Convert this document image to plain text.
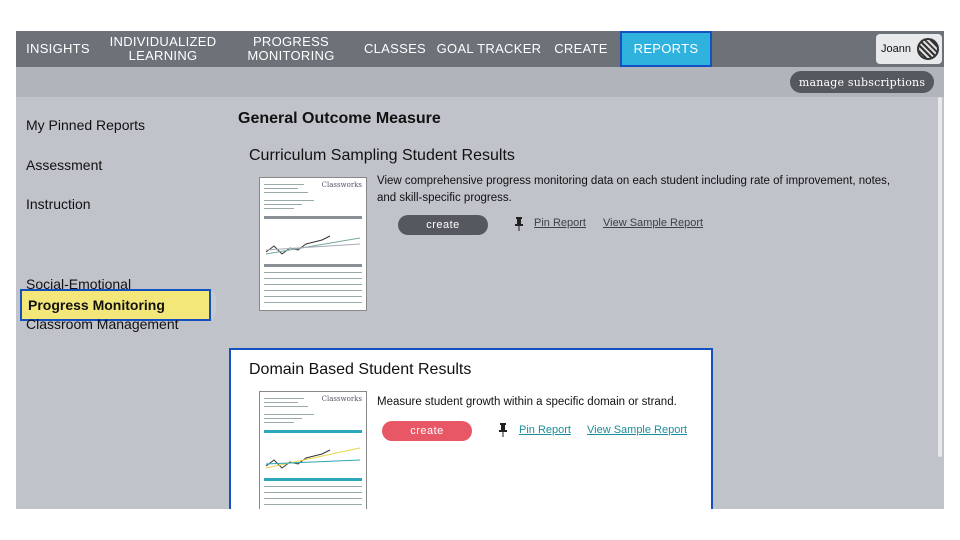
INSIGHTS	INDIVIDUALIZED
LEARNING
PROGRESS
MONITORING	CLASSES GOAL TRACKER CREATE	REPORTS	Joann
manage subscriptions
My Pinned Reports
Assessment
Instruction
Progress Monitoring
Social-Emotional
Classroom Management
General Outcome Measure
Curriculum Sampling Student Results
Classworks View comprehensive progress monitoring data on each student including rate of improvement, notes, and skill-specific progress.
create	Pin Report View Sample Report
Domain Based Student Results
Classworks Measure student growth within a specific domain or strand.
create	Pin Report View Sample Report
